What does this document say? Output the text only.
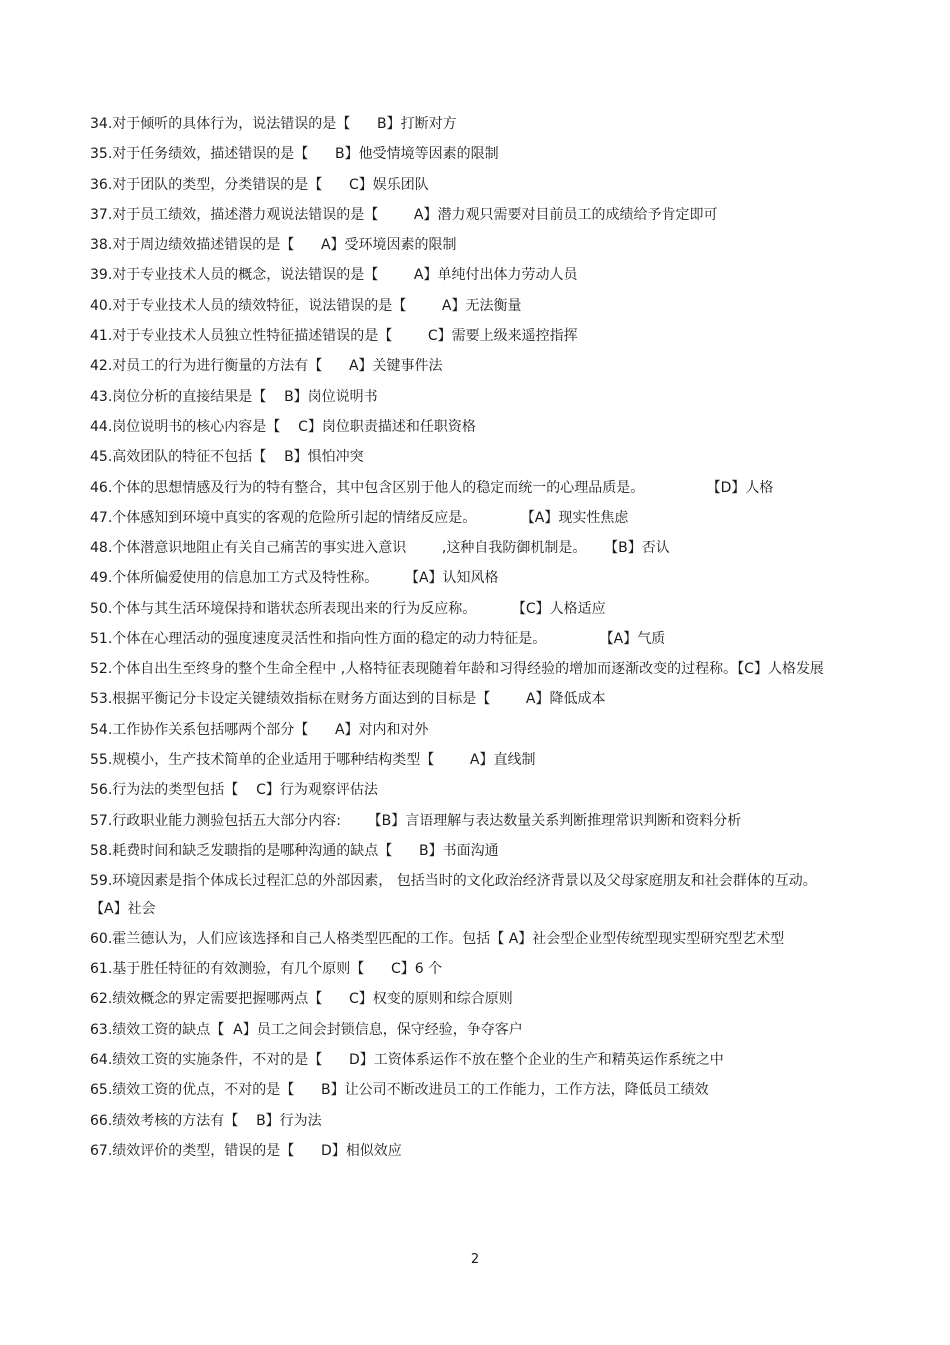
34.对于倾听的具体行为，说法错误的是【      B】打断对方
35.对于任务绩效，描述错误的是【      B】他受情境等因素的限制
36.对于团队的类型，分类错误的是【      C】娱乐团队
37.对于员工绩效，描述潜力观说法错误的是【        A】潜力观只需要对目前员工的成绩给予肯定即可
38.对于周边绩效描述错误的是【      A】受环境因素的限制
39.对于专业技术人员的概念，说法错误的是【        A】单纯付出体力劳动人员
40.对于专业技术人员的绩效特征，说法错误的是【        A】无法衡量
41.对于专业技术人员独立性特征描述错误的是【        C】需要上级来遥控指挥
42.对员工的行为进行衡量的方法有【      A】关键事件法
43.岗位分析的直接结果是【    B】岗位说明书
44.岗位说明书的核心内容是【    C】岗位职责描述和任职资格
45.高效团队的特征不包括【    B】惧怕冲突
46.个体的思想情感及行为的特有整合，其中包含区别于他人的稳定而统一的心理品质是。              【D】人格
47.个体感知到环境中真实的客观的危险所引起的情绪反应是。          【A】现实性焦虑
48.个体潜意识地阻止有关自己痛苦的事实进入意识        ,这种自我防御机制是。    【B】否认
49.个体所偏爱使用的信息加工方式及特性称。      【A】认知风格
50.个体与其生活环境保持和谐状态所表现出来的行为反应称。        【C】人格适应
51.个体在心理活动的强度速度灵活性和指向性方面的稳定的动力特征是。            【A】气质
52.个体自出生至终身的整个生命全程中 ,人格特征表现随着年龄和习得经验的增加而逐渐改变的过程称。【C】人格发展
53.根据平衡记分卡设定关键绩效指标在财务方面达到的目标是【        A】降低成本
54.工作协作关系包括哪两个部分【      A】对内和对外
55.规模小，生产技术简单的企业适用于哪种结构类型【        A】直线制
56.行为法的类型包括【    C】行为观察评估法
57.行政职业能力测验包括五大部分内容:      【B】言语理解与表达数量关系判断推理常识判断和资料分析
58.耗费时间和缺乏发聩指的是哪种沟通的缺点【      B】书面沟通
59.环境因素是指个体成长过程汇总的外部因素， 包括当时的文化政治经济背景以及父母家庭朋友和社会群体的互动。【A】社会
60.霍兰德认为，人们应该选择和自己人格类型匹配的工作。包括【 A】社会型企业型传统型现实型研究型艺术型
61.基于胜任特征的有效测验，有几个原则【      C】6 个
62.绩效概念的界定需要把握哪两点【      C】权变的原则和综合原则
63.绩效工资的缺点【  A】员工之间会封锁信息，保守经验，争夺客户
64.绩效工资的实施条件，不对的是【      D】工资体系运作不放在整个企业的生产和精英运作系统之中
65.绩效工资的优点，不对的是【      B】让公司不断改进员工的工作能力，工作方法，降低员工绩效
66.绩效考核的方法有【    B】行为法
67.绩效评价的类型，错误的是【      D】相似效应
2
